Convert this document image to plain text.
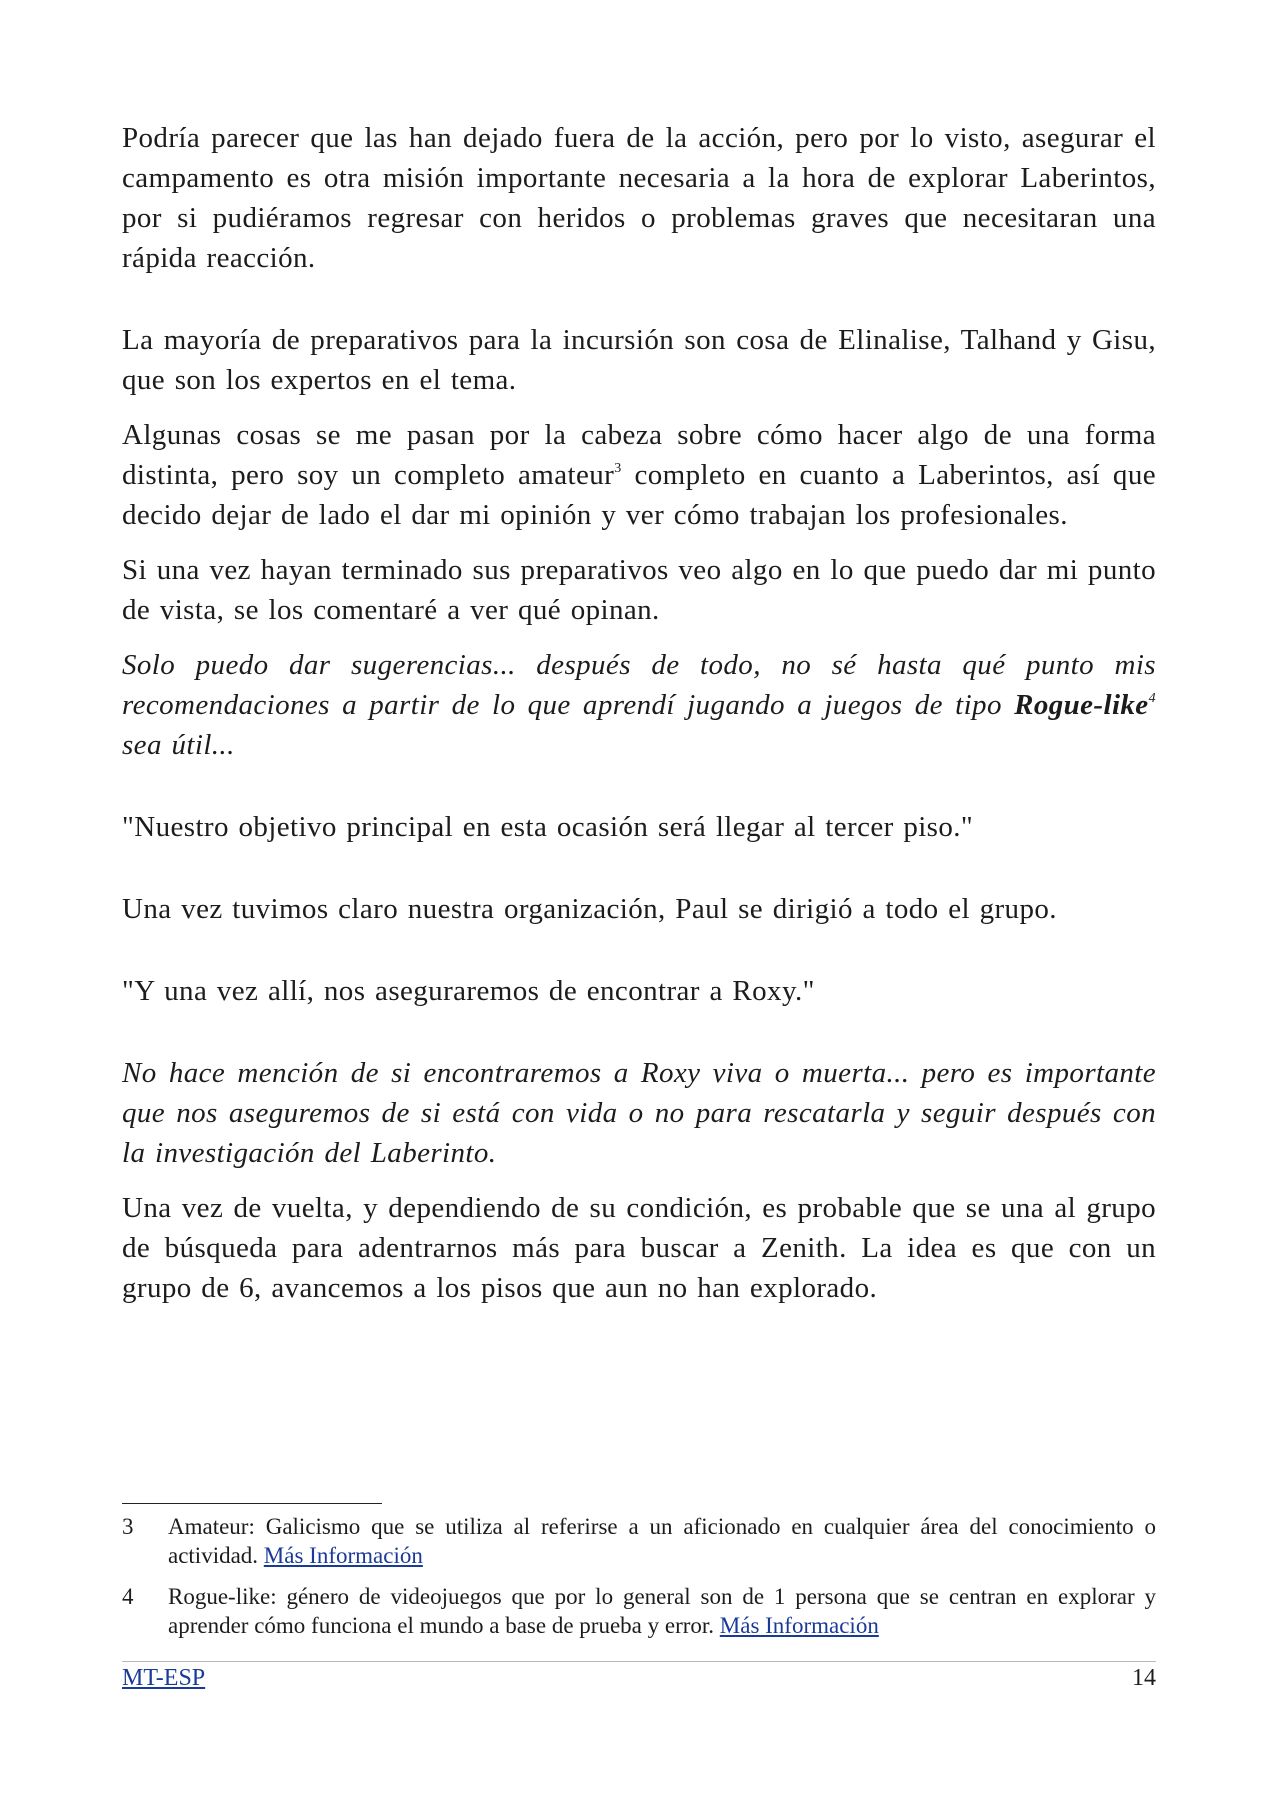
Podría parecer que las han dejado fuera de la acción, pero por lo visto, asegurar el campamento es otra misión importante necesaria a la hora de explorar Laberintos, por si pudiéramos regresar con heridos o problemas graves que necesitaran una rápida reacción.

La mayoría de preparativos para la incursión son cosa de Elinalise, Talhand y Gisu, que son los expertos en el tema.

Algunas cosas se me pasan por la cabeza sobre cómo hacer algo de una forma distinta, pero soy un completo amateur$^3$ completo en cuanto a Laberintos, así que decido dejar de lado el dar mi opinión y ver cómo trabajan los profesionales.

Si una vez hayan terminado sus preparativos veo algo en lo que puedo dar mi punto de vista, se los comentaré a ver qué opinan.

Solo puedo dar sugerencias... después de todo, no sé hasta qué punto mis recomendaciones a partir de lo que aprendí jugando a juegos de tipo Rogue-like$^4$ sea útil...

"Nuestro objetivo principal en esta ocasión será llegar al tercer piso."

Una vez tuvimos claro nuestra organización, Paul se dirigió a todo el grupo.

"Y una vez allí, nos aseguraremos de encontrar a Roxy."

No hace mención de si encontraremos a Roxy viva o muerta... pero es importante que nos aseguremos de si está con vida o no para rescatarla y seguir después con la investigación del Laberinto.

Una vez de vuelta, y dependiendo de su condición, es probable que se una al grupo de búsqueda para adentrarnos más para buscar a Zenith. La idea es que con un grupo de 6, avancemos a los pisos que aun no han explorado.

3	Amateur: Galicismo que se utiliza al referirse a un aficionado en cualquier área del conocimiento o actividad. Más Información
4	Rogue-like: género de videojuegos que por lo general son de 1 persona que se centran en explorar y aprender cómo funciona el mundo a base de prueba y error. Más Información
MT-ESP	14
